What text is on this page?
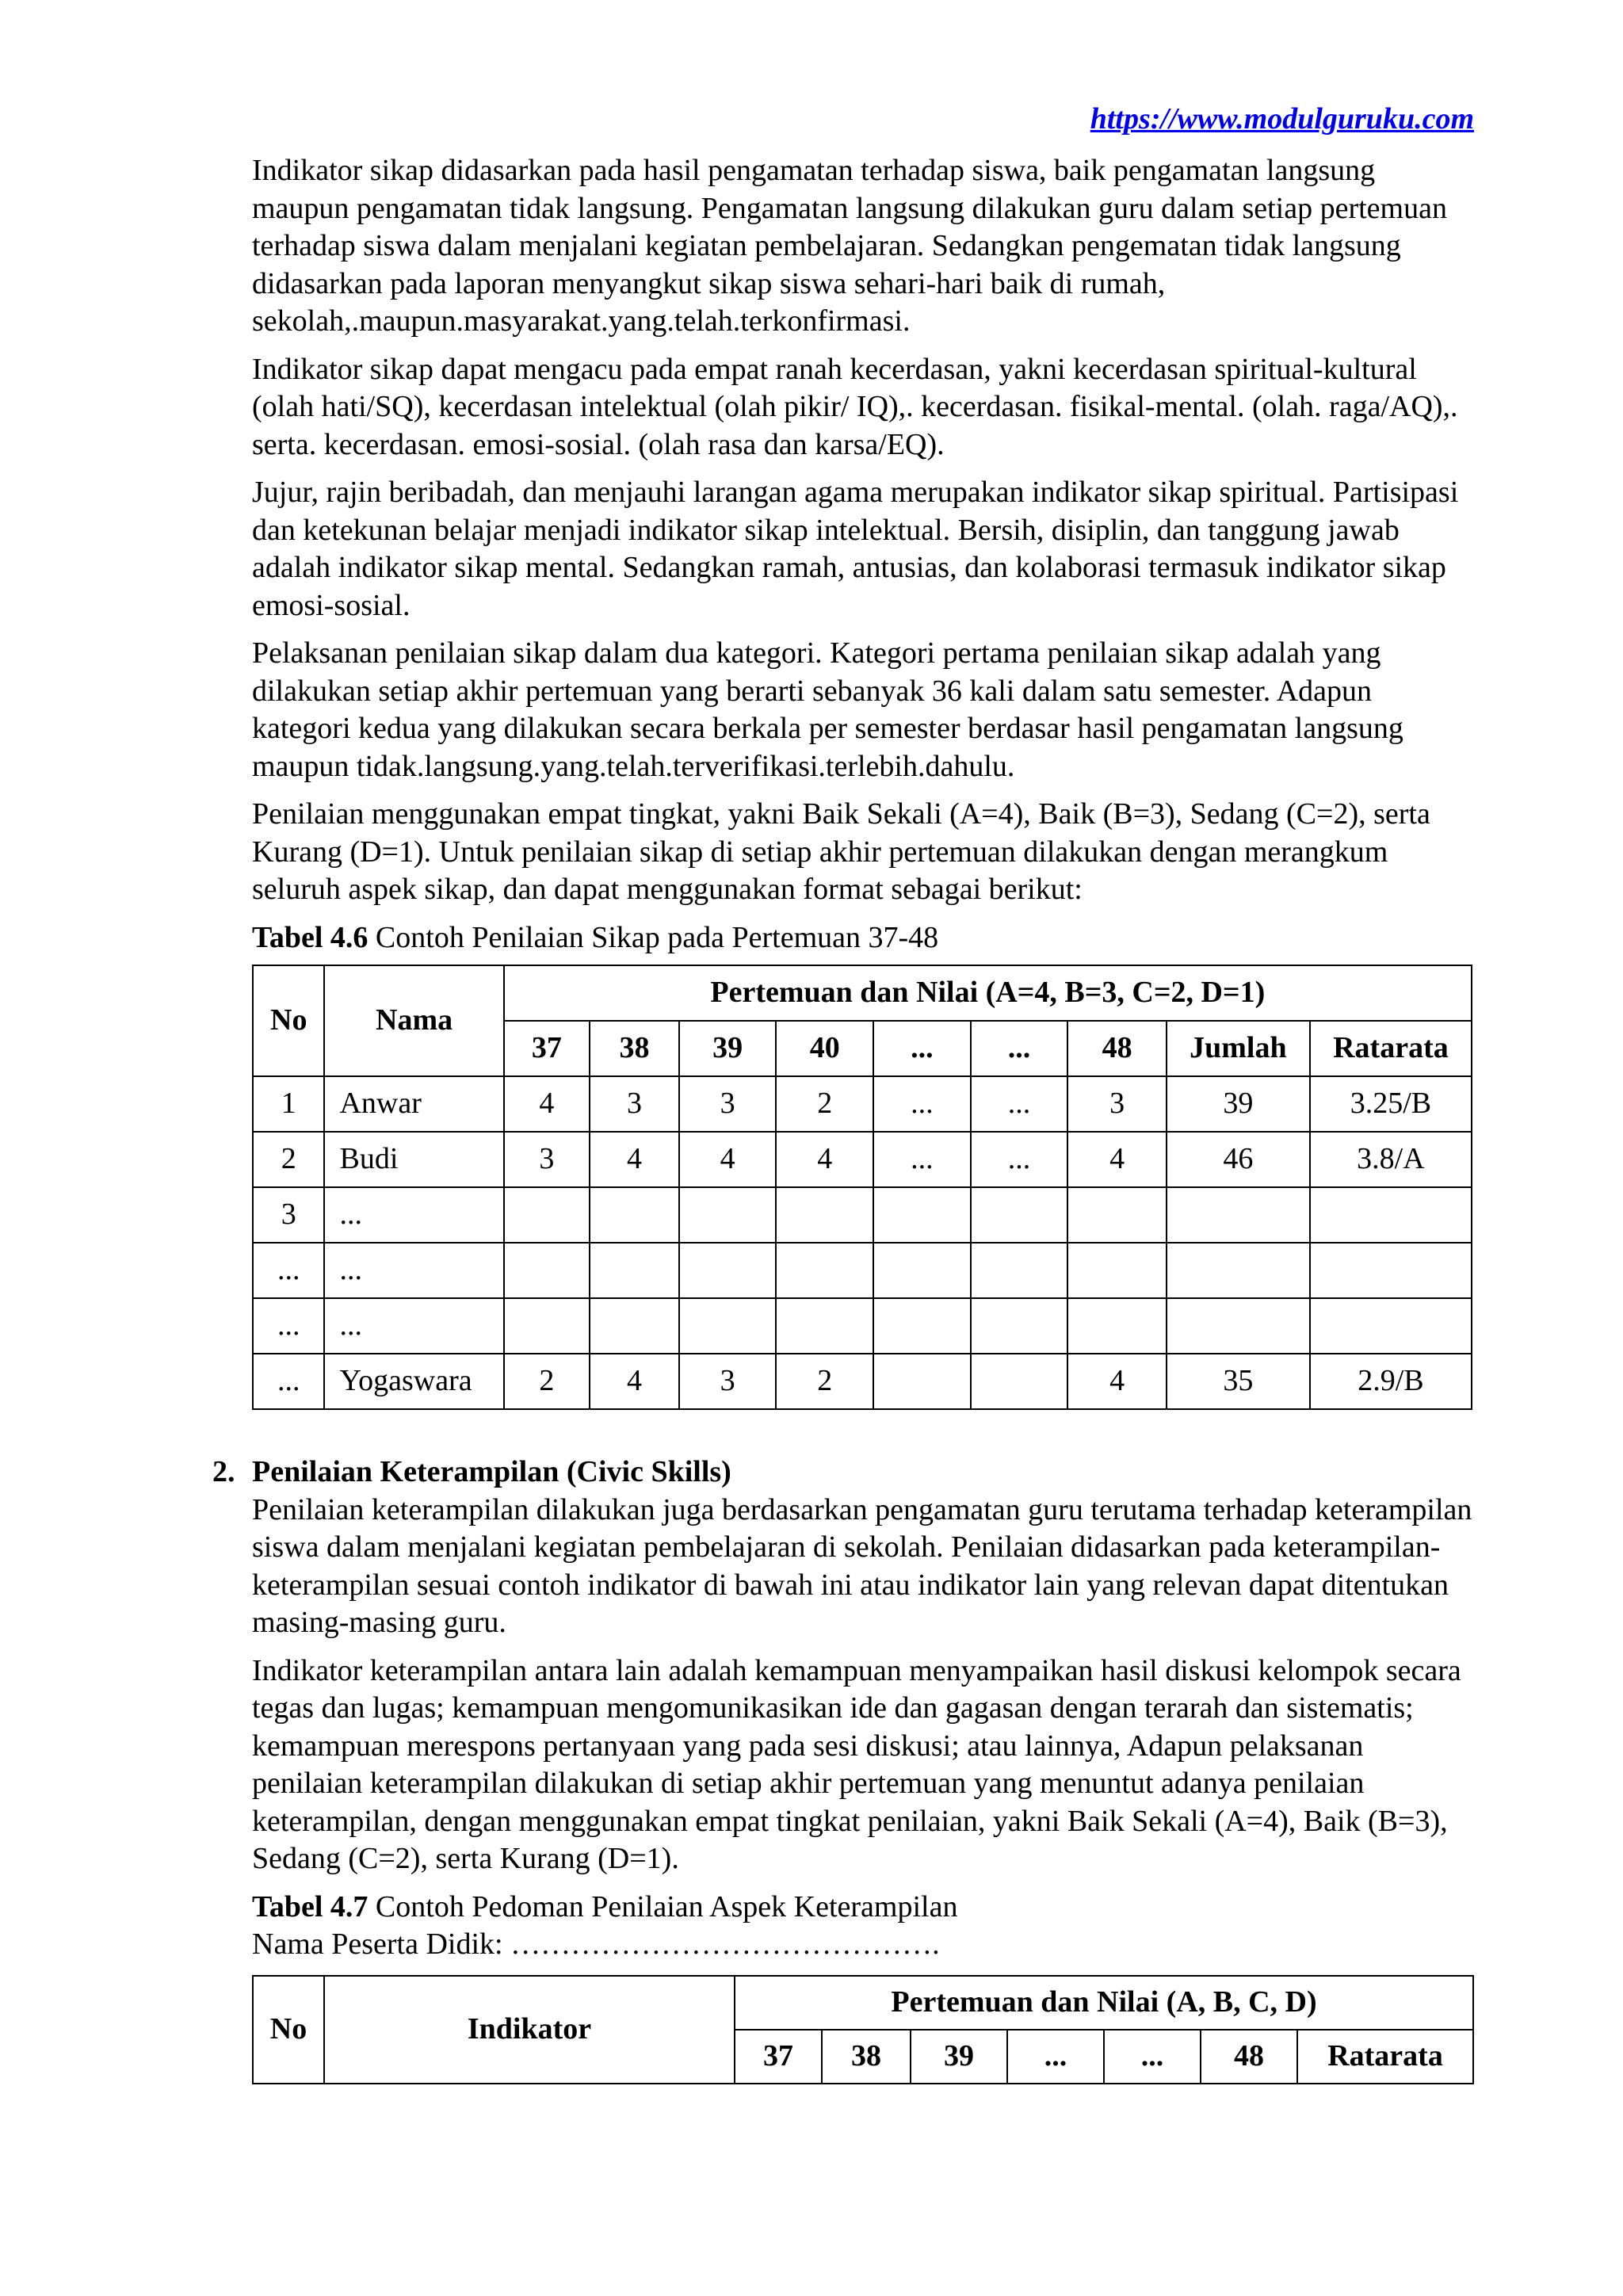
https://www.modulguruku.com

Indikator sikap didasarkan pada hasil pengamatan terhadap siswa, baik pengamatan langsung maupun pengamatan tidak langsung. Pengamatan langsung dilakukan guru dalam setiap pertemuan terhadap siswa dalam menjalani kegiatan pembelajaran. Sedangkan pengematan tidak langsung didasarkan pada laporan menyangkut sikap siswa sehari-hari baik di rumah, sekolah,.maupun.masyarakat.yang.telah.terkonfirmasi.

Indikator sikap dapat mengacu pada empat ranah kecerdasan, yakni kecerdasan spiritual-kultural (olah hati/SQ), kecerdasan intelektual (olah pikir/ IQ),. kecerdasan. fisikal-mental. (olah. raga/AQ),. serta. kecerdasan. emosi-sosial. (olah rasa dan karsa/EQ).

Jujur, rajin beribadah, dan menjauhi larangan agama merupakan indikator sikap spiritual. Partisipasi dan ketekunan belajar menjadi indikator sikap intelektual. Bersih, disiplin, dan tanggung jawab adalah indikator sikap mental. Sedangkan ramah, antusias, dan kolaborasi termasuk indikator sikap emosi-sosial.

Pelaksanan penilaian sikap dalam dua kategori. Kategori pertama penilaian sikap adalah yang dilakukan setiap akhir pertemuan yang berarti sebanyak 36 kali dalam satu semester. Adapun kategori kedua yang dilakukan secara berkala per semester berdasar hasil pengamatan langsung maupun tidak.langsung.yang.telah.terverifikasi.terlebih.dahulu.

Penilaian menggunakan empat tingkat, yakni Baik Sekali (A=4), Baik (B=3), Sedang (C=2), serta Kurang (D=1). Untuk penilaian sikap di setiap akhir pertemuan dilakukan dengan merangkum seluruh aspek sikap, dan dapat menggunakan format sebagai berikut:

Tabel 4.6 Contoh Penilaian Sikap pada Pertemuan 37-48
No	Nama	Pertemuan dan Nilai (A=4, B=3, C=2, D=1)								
		37	38	39	40	...	...	48	Jumlah	Ratarata
1	Anwar	4	3	3	2	...	...	3	39	3.25/B
2	Budi	3	4	4	4	...	...	4	46	3.8/A
3	...									
...	...									
...	...									
...	Yogaswara	2	4	3	2			4	35	2.9/B
2. Penilaian Keterampilan (Civic Skills)

Penilaian keterampilan dilakukan juga berdasarkan pengamatan guru terutama terhadap keterampilan siswa dalam menjalani kegiatan pembelajaran di sekolah. Penilaian didasarkan pada keterampilan-keterampilan sesuai contoh indikator di bawah ini atau indikator lain yang relevan dapat ditentukan masing-masing guru.

Indikator keterampilan antara lain adalah kemampuan menyampaikan hasil diskusi kelompok secara tegas dan lugas; kemampuan mengomunikasikan ide dan gagasan dengan terarah dan sistematis; kemampuan merespons pertanyaan yang pada sesi diskusi; atau lainnya, Adapun pelaksanan penilaian keterampilan dilakukan di setiap akhir pertemuan yang menuntut adanya penilaian keterampilan, dengan menggunakan empat tingkat penilaian, yakni Baik Sekali (A=4), Baik (B=3), Sedang (C=2), serta Kurang (D=1).

Tabel 4.7 Contoh Pedoman Penilaian Aspek Keterampilan
Nama Peserta Didik: …………………………………….
No	Indikator	Pertemuan dan Nilai (A, B, C, D)						
		37	38	39	...	...	48	Ratarata
